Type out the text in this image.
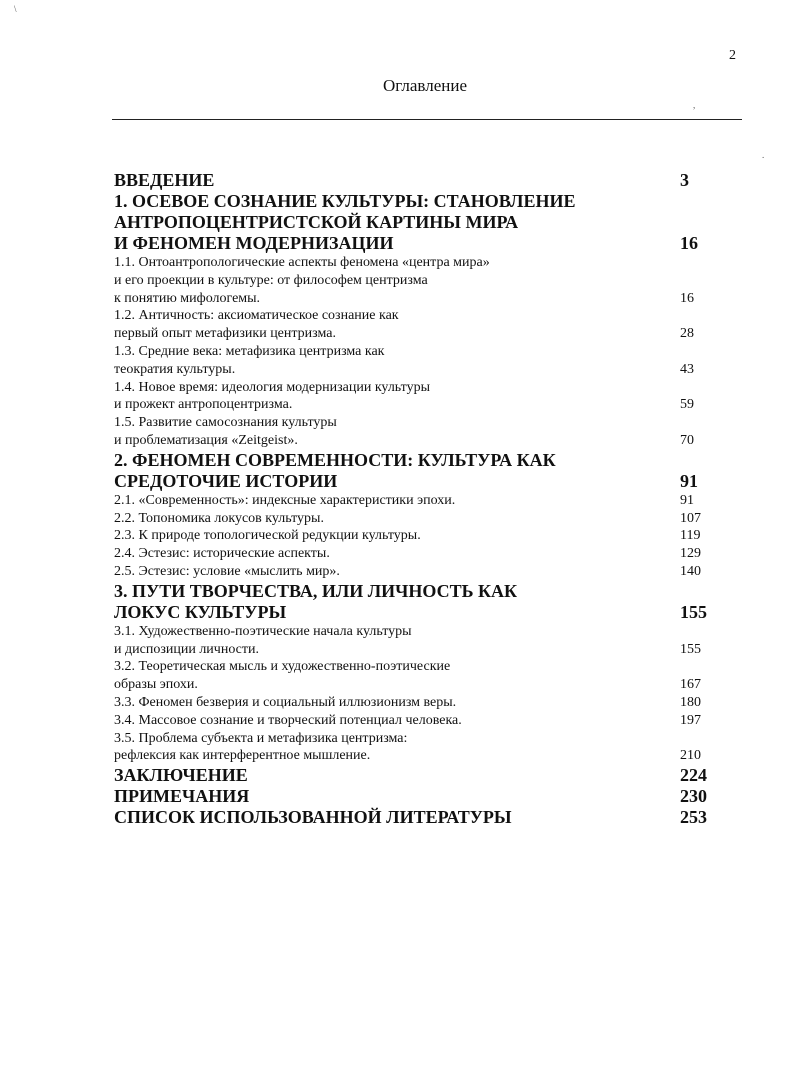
2
Оглавление
\
,
.
ВВЕДЕНИЕ	3
1. ОСЕВОЕ СОЗНАНИЕ КУЛЬТУРЫ: СТАНОВЛЕНИЕ
АНТРОПОЦЕНТРИСТСКОЙ КАРТИНЫ МИРА
И ФЕНОМЕН МОДЕРНИЗАЦИИ	16
1.1. Онтоантропологические аспекты феномена «центра мира»
и его проекции в культуре: от философем центризма
к понятию мифологемы.	16
1.2. Античность: аксиоматическое сознание как
первый опыт метафизики центризма.	28
1.3. Средние века: метафизика центризма как
теократия культуры.	43
1.4. Новое время: идеология модернизации культуры
и прожект антропоцентризма.	59
1.5. Развитие самосознания культуры
и проблематизация «Zeitgeist».	70
2. ФЕНОМЕН СОВРЕМЕННОСТИ: КУЛЬТУРА КАК
СРЕДОТОЧИЕ ИСТОРИИ	91
2.1. «Современность»: индексные характеристики эпохи.	91
2.2. Топономика локусов культуры.	107
2.3. К природе топологической редукции культуры.	119
2.4. Эстезис: исторические аспекты.	129
2.5. Эстезис: условие «мыслить мир».	140
3. ПУТИ ТВОРЧЕСТВА, ИЛИ ЛИЧНОСТЬ КАК
ЛОКУС КУЛЬТУРЫ	155
3.1. Художественно-поэтические начала культуры
и диспозиции личности.	155
3.2. Теоретическая мысль и художественно-поэтические
образы эпохи.	167
3.3. Феномен безверия и социальный иллюзионизм веры.	180
3.4. Массовое сознание и творческий потенциал человека.	197
3.5. Проблема субъекта и метафизика центризма:
рефлексия как интерферентное мышление.	210
ЗАКЛЮЧЕНИЕ	224
ПРИМЕЧАНИЯ	230
СПИСОК ИСПОЛЬЗОВАННОЙ ЛИТЕРАТУРЫ	253
